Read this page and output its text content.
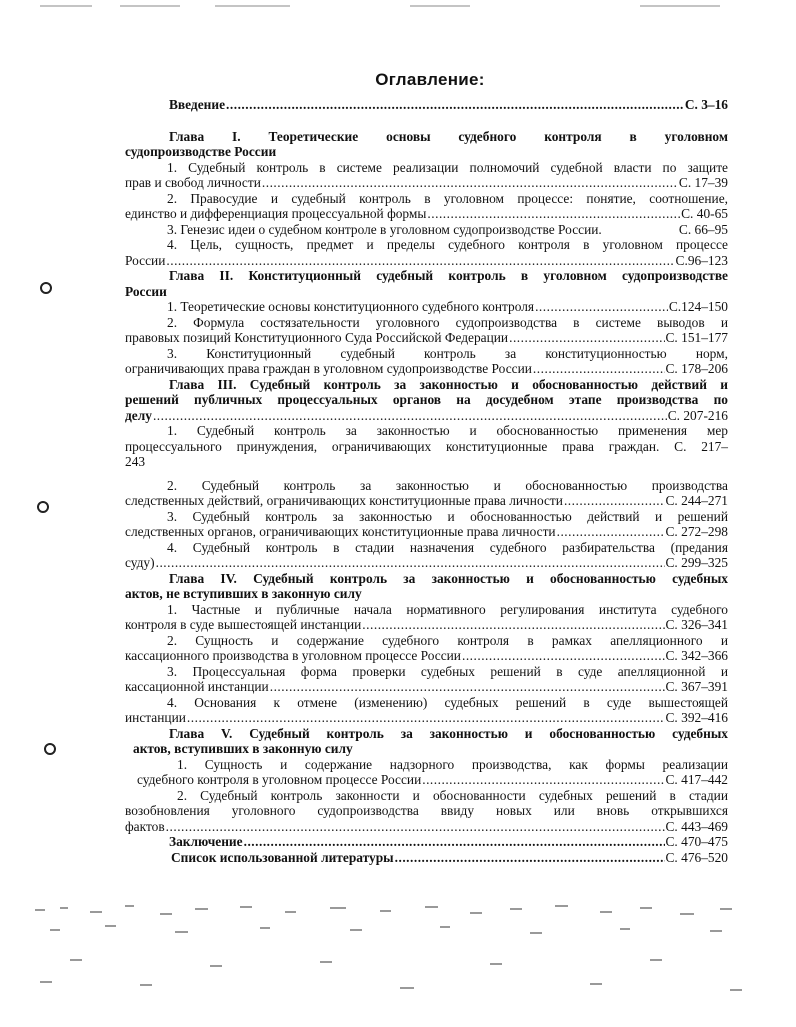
Оглавление:
Введение .....	С. 3–16
Глава I. Теоретические основы судебного контроля в уголовном
судопроизводстве России
1. Судебный контроль в системе реализации полномочий судебной власти по защите
прав и свобод личности .....	С. 17–39
2. Правосудие и судебный контроль в уголовном процессе: понятие, соотношение,
единство и дифференциация процессуальной формы .....	С. 40-65
3. Генезис идеи о судебном контроле в уголовном судопроизводстве России.	С. 66–95
4. Цель, сущность, предмет и пределы судебного контроля в уголовном процессе
России .....	С.96–123
Глава II. Конституционный судебный контроль в уголовном судопроизводстве
России
1. Теоретические основы конституционного судебного контроля .....	С.124–150
2. Формула состязательности уголовного судопроизводства в системе выводов и
правовых позиций Конституционного Суда Российской Федерации .....	С. 151–177
3. Конституционный судебный контроль за конституционностью норм,
ограничивающих права граждан в уголовном судопроизводстве России .....	С. 178–206
Глава III. Судебный контроль за законностью и обоснованностью действий и
решений публичных процессуальных органов на досудебном этапе производства по
делу .....	С. 207-216
1. Судебный контроль за законностью и обоснованностью применения мер
процессуального принуждения, ограничивающих конституционные права граждан. С. 217–
243
2. Судебный контроль за законностью и обоснованностью производства
следственных действий, ограничивающих конституционные права личности .....	С. 244–271
3. Судебный контроль за законностью и обоснованностью действий и решений
следственных органов, ограничивающих конституционные права личности .....	С. 272–298
4. Судебный контроль в стадии назначения судебного разбирательства (предания
суду) .....	С. 299–325
Глава IV. Судебный контроль за законностью и обоснованностью судебных
актов, не вступивших в законную силу
1. Частные и публичные начала нормативного регулирования института судебного
контроля в суде вышестоящей инстанции .....	С. 326–341
2. Сущность и содержание судебного контроля в рамках апелляционного и
кассационного производства в уголовном процессе России .....	С. 342–366
3. Процессуальная форма проверки судебных решений в суде апелляционной и
кассационной инстанции .....	С. 367–391
4. Основания к отмене (изменению) судебных решений в суде вышестоящей
инстанции .....	С. 392–416
Глава V. Судебный контроль за законностью и обоснованностью судебных
актов, вступивших в законную силу
1. Сущность и содержание надзорного производства, как формы реализации
судебного контроля в уголовном процессе России .....	С. 417–442
2. Судебный контроль законности и обоснованности судебных решений в стадии
возобновления уголовного судопроизводства ввиду новых или вновь открывшихся
фактов .....	С. 443–469
Заключение .....	С. 470–475
Список использованной литературы .....	С. 476–520
